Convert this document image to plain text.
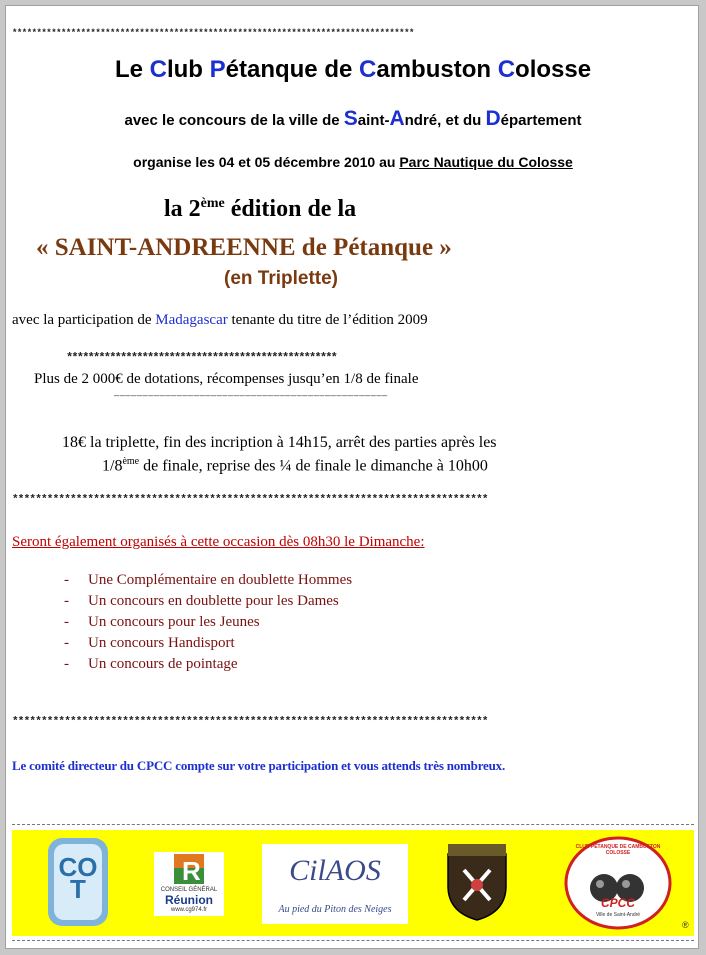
**********************************************************************************
Le Club Pétanque de Cambuston Colosse
avec le concours de la ville de Saint-André, et du Département
organise les 04 et 05 décembre 2010 au Parc Nautique du Colosse
la 2ème édition de la
« SAINT-ANDREENNE de Pétanque »
(en Triplette)
avec la participation de Madagascar tenante du titre de l’édition 2009
**************************************************
Plus de 2 000€ de dotations, récompenses jusqu’en 1/8 de finale
________________________________________________
18€ la triplette, fin des incription à 14h15, arrêt des parties après les
1/8ème de finale, reprise des ¼ de finale le dimanche à 10h00
**********************************************************************************
Seront également organisés à cette occasion dès 08h30 le Dimanche:
- Une Complémentaire en doublette Hommes
- Un concours en doublette pour les Dames
- Un concours pour les Jeunes
- Un concours Handisport
- Un concours de pointage
**********************************************************************************
Le comité directeur du CPCC compte sur votre participation et vous attends très nombreux.
COT
R
CONSEIL GÉNÉRAL
Réunion
www.cg974.fr
CilAOS
Au pied du Piton des Neiges
CLUB PÉTANQUE DE CAMBUSTON COLOSSE
CPCC
Ville de Saint-André
®
